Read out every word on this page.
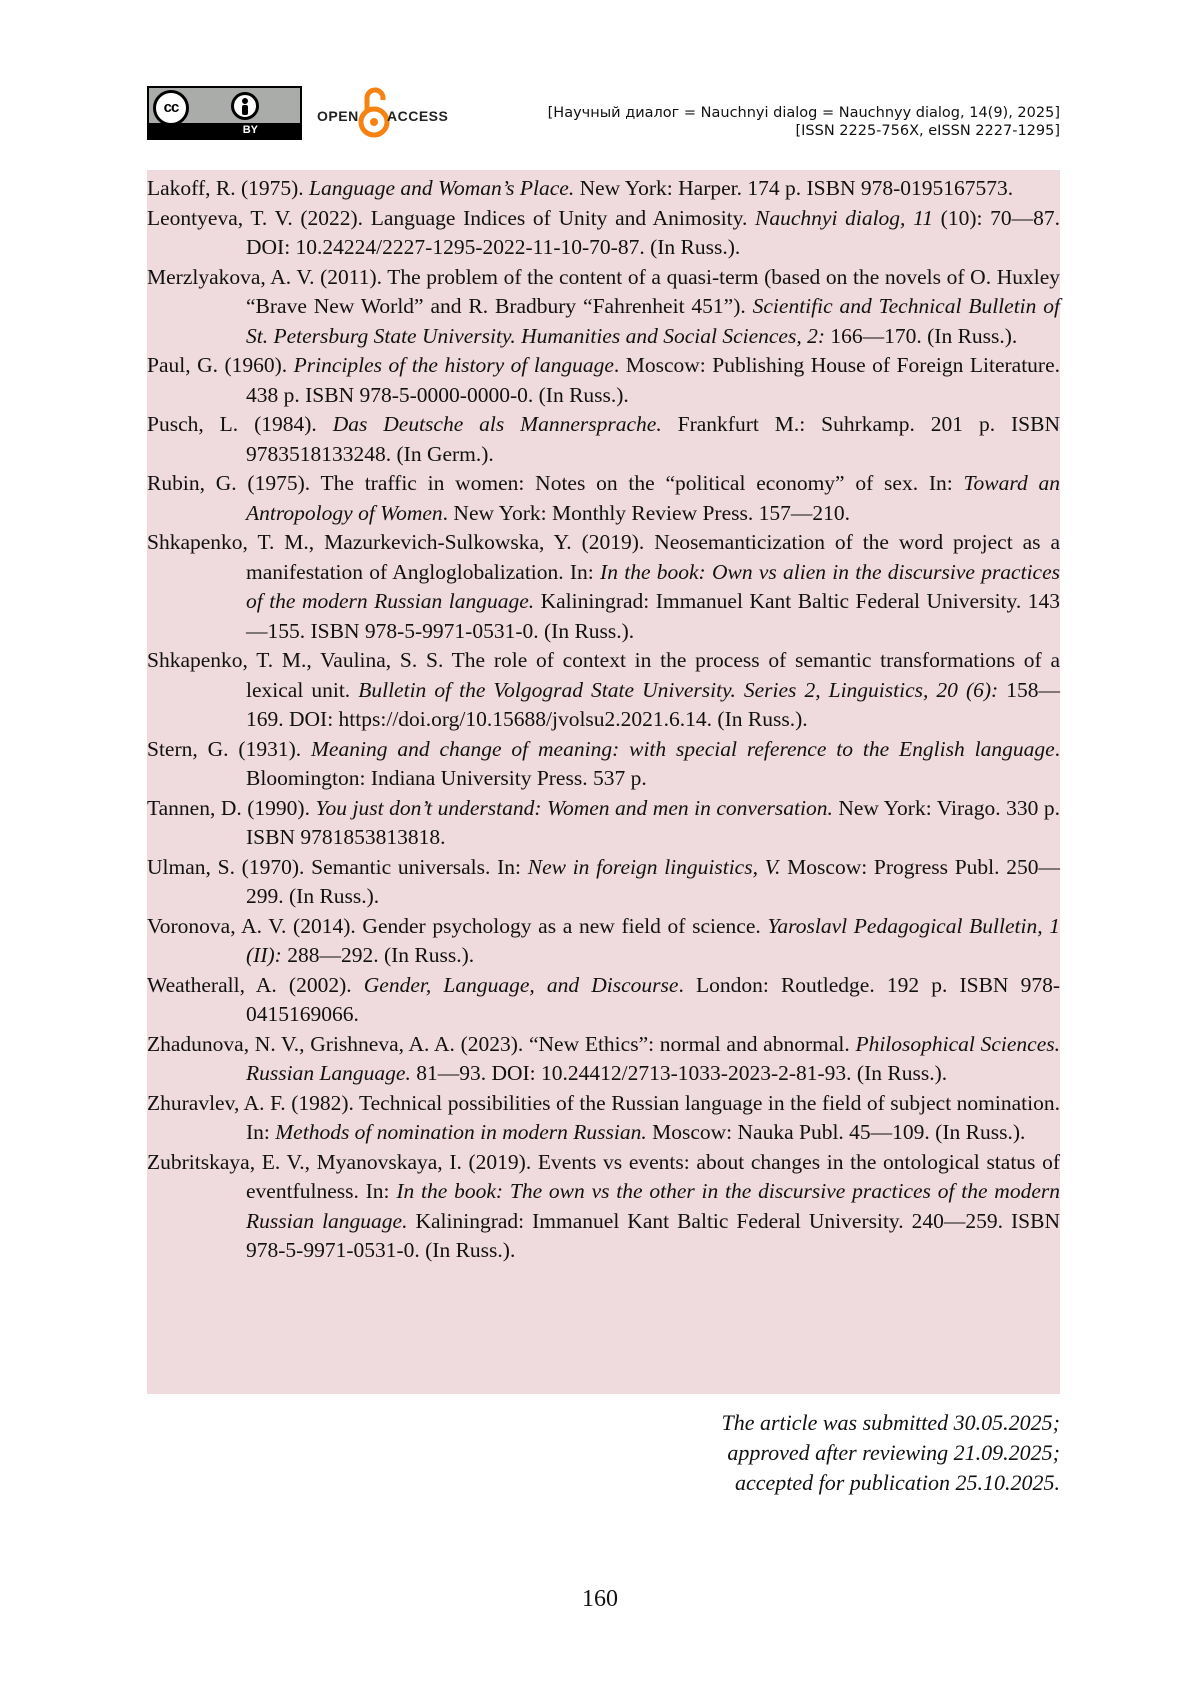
cc
BY
OPEN ACCESS	[Научный диалог = Nauchnyi dialog = Nauchnyy dialog, 14(9), 2025]
[ISSN 2225-756X, eISSN 2227-1295]
Lakoff, R. (1975). Language and Woman’s Place. New York: Harper. 174 p. ISBN 978-0195167573.
Leontyeva, T. V. (2022). Language Indices of Unity and Animosity. Nauchnyi dialog, 11 (10): 70—87. DOI: 10.24224/2227-1295-2022-11-10-70-87. (In Russ.).
Merzlyakova, A. V. (2011). The problem of the content of a quasi-term (based on the novels of O. Huxley “Brave New World” and R. Bradbury “Fahrenheit 451”). Scientific and Technical Bulletin of St. Petersburg State University. Humanities and Social Sciences, 2: 166—170. (In Russ.).
Paul, G. (1960). Principles of the history of language. Moscow: Publishing House of Foreign Literature. 438 p. ISBN 978-5-0000-0000-0. (In Russ.).
Pusch, L. (1984). Das Deutsche als Mannersprache. Frankfurt M.: Suhrkamp. 201 p. ISBN 9783518133248. (In Germ.).
Rubin, G. (1975). The traffic in women: Notes on the “political economy” of sex. In: Toward an Antropology of Women. New York: Monthly Review Press. 157—210.
Shkapenko, T. M., Mazurkevich-Sulkowska, Y. (2019). Neosemanticization of the word project as a manifestation of Angloglobalization. In: In the book: Own vs alien in the discursive practices of the modern Russian language. Kaliningrad: Immanuel Kant Baltic Federal University. 143—155. ISBN 978-5-9971-0531-0. (In Russ.).
Shkapenko, T. M., Vaulina, S. S. The role of context in the process of semantic transformations of a lexical unit. Bulletin of the Volgograd State University. Series 2, Linguistics, 20 (6): 158—169. DOI: https://doi.org/10.15688/jvolsu2.2021.6.14. (In Russ.).
Stern, G. (1931). Meaning and change of meaning: with special reference to the English language. Bloomington: Indiana University Press. 537 p.
Tannen, D. (1990). You just don’t understand: Women and men in conversation. New York: Virago. 330 p. ISBN 9781853813818.
Ulman, S. (1970). Semantic universals. In: New in foreign linguistics, V. Moscow: Progress Publ. 250—299. (In Russ.).
Voronova, A. V. (2014). Gender psychology as a new field of science. Yaroslavl Pedagogical Bulletin, 1 (II): 288—292. (In Russ.).
Weatherall, A. (2002). Gender, Language, and Discourse. London: Routledge. 192 p. ISBN 978-0415169066.
Zhadunova, N. V., Grishneva, A. A. (2023). “New Ethics”: normal and abnormal. Philosophical Sciences. Russian Language. 81—93. DOI: 10.24412/2713-1033-2023-2-81-93. (In Russ.).
Zhuravlev, A. F. (1982). Technical possibilities of the Russian language in the field of subject nomination. In: Methods of nomination in modern Russian. Moscow: Nauka Publ. 45—109. (In Russ.).
Zubritskaya, E. V., Myanovskaya, I. (2019). Events vs events: about changes in the ontological status of eventfulness. In: In the book: The own vs the other in the discursive practices of the modern Russian language. Kaliningrad: Immanuel Kant Baltic Federal University. 240—259. ISBN 978-5-9971-0531-0. (In Russ.).
The article was submitted 30.05.2025;
approved after reviewing 21.09.2025;
accepted for publication 25.10.2025.
160
